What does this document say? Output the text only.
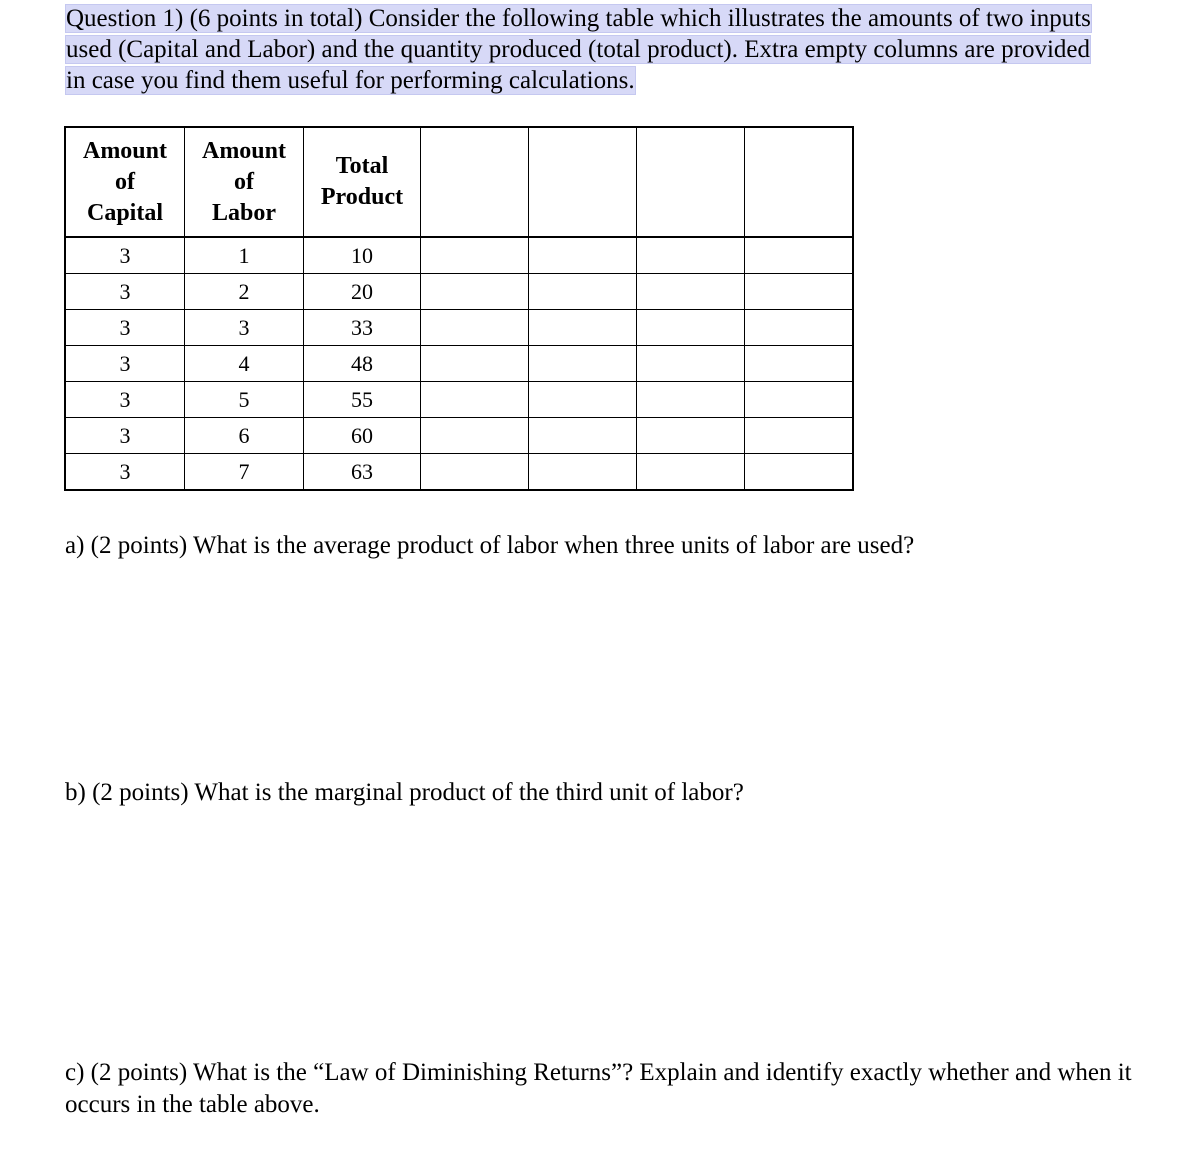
Question 1) (6 points in total) Consider the following table which illustrates the amounts of two inputs used (Capital and Labor) and the quantity produced (total product). Extra empty columns are provided in case you find them useful for performing calculations.
Amount
of
Capital	Amount
of
Labor	Total
Product				
3	1	10				
3	2	20				
3	3	33				
3	4	48				
3	5	55				
3	6	60				
3	7	63				
a) (2 points) What is the average product of labor when three units of labor are used?
b) (2 points) What is the marginal product of the third unit of labor?
c) (2 points) What is the “Law of Diminishing Returns”? Explain and identify exactly whether and when it occurs in the table above.
